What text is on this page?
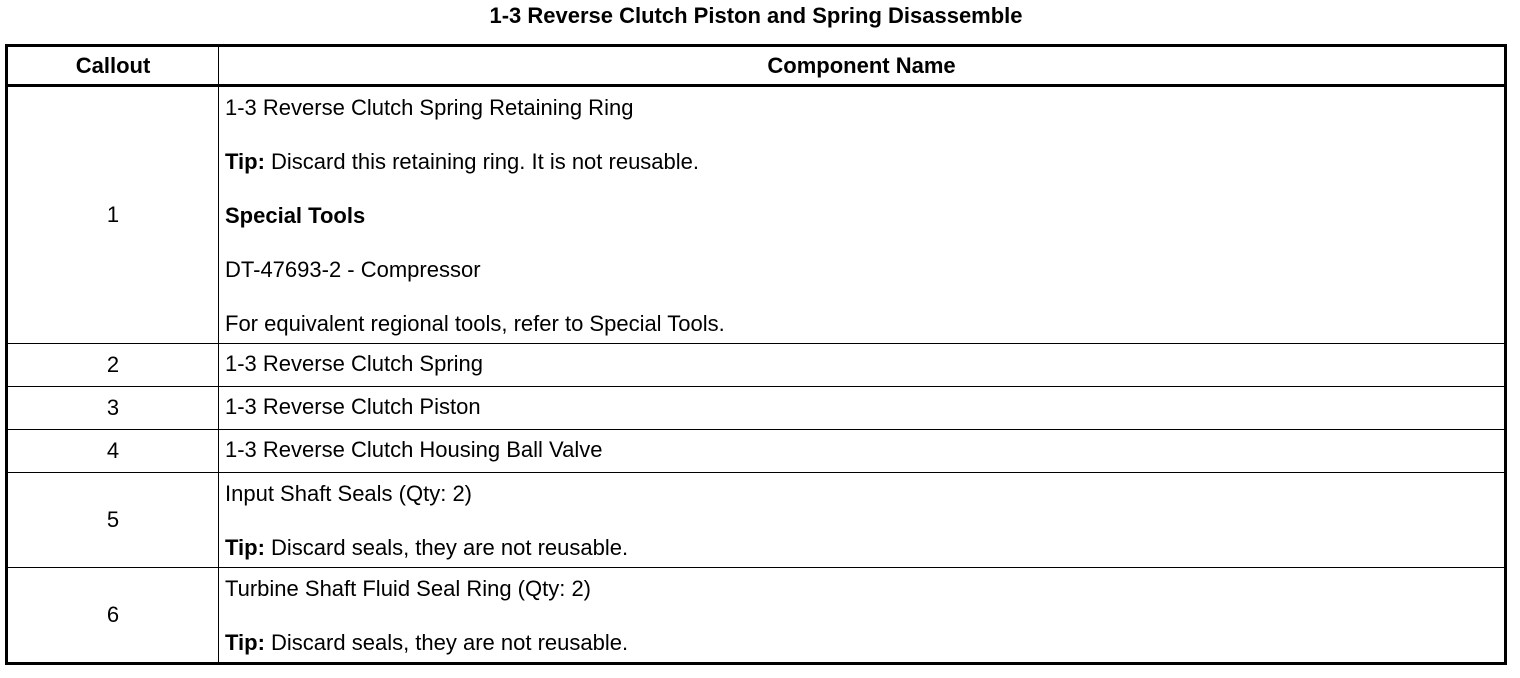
1-3 Reverse Clutch Piston and Spring Disassemble
Callout	Component Name
1	1-3 Reverse Clutch Spring Retaining Ring

Tip: Discard this retaining ring. It is not reusable.

Special Tools

DT-47693-2 - Compressor

For equivalent regional tools, refer to Special Tools.

2	1-3 Reverse Clutch Spring
3	1-3 Reverse Clutch Piston
4	1-3 Reverse Clutch Housing Ball Valve
5	Input Shaft Seals (Qty: 2)

Tip: Discard seals, they are not reusable.

6	Turbine Shaft Fluid Seal Ring (Qty: 2)

Tip: Discard seals, they are not reusable.
